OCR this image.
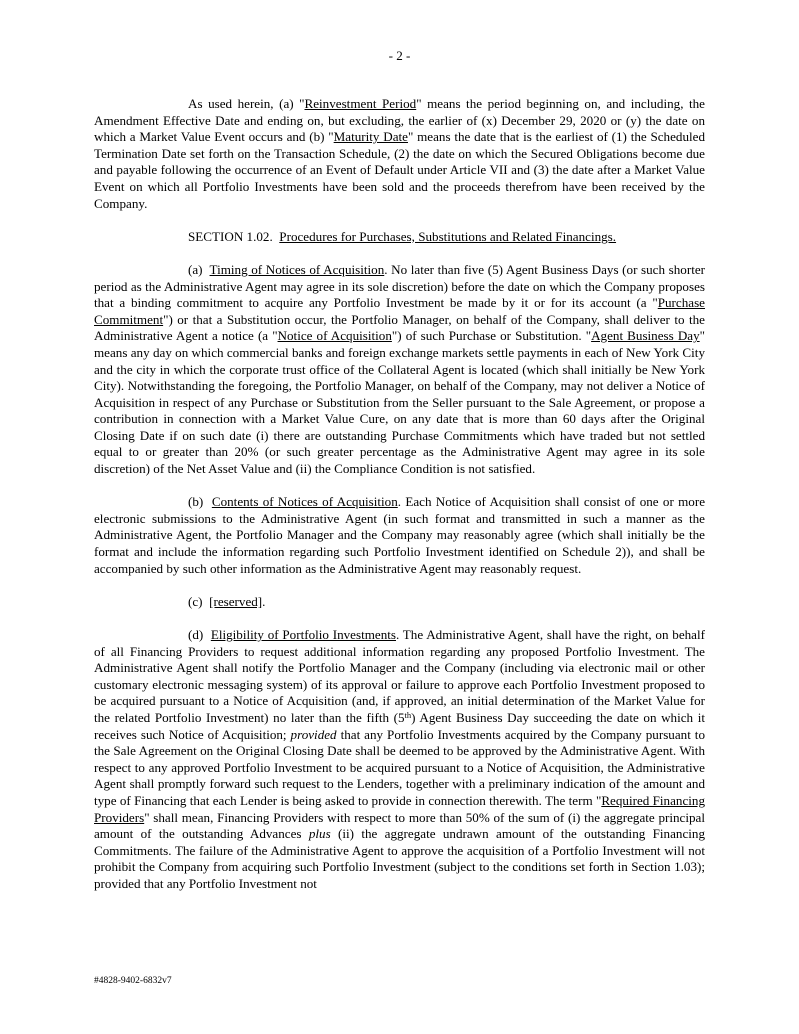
- 2 -

As used herein, (a) "Reinvestment Period" means the period beginning on, and including, the Amendment Effective Date and ending on, but excluding, the earlier of (x) December 29, 2020 or (y) the date on which a Market Value Event occurs and (b) "Maturity Date" means the date that is the earliest of (1) the Scheduled Termination Date set forth on the Transaction Schedule, (2) the date on which the Secured Obligations become due and payable following the occurrence of an Event of Default under Article VII and (3) the date after a Market Value Event on which all Portfolio Investments have been sold and the proceeds therefrom have been received by the Company.

SECTION 1.02. Procedures for Purchases, Substitutions and Related Financings.

(a) Timing of Notices of Acquisition. No later than five (5) Agent Business Days (or such shorter period as the Administrative Agent may agree in its sole discretion) before the date on which the Company proposes that a binding commitment to acquire any Portfolio Investment be made by it or for its account (a "Purchase Commitment") or that a Substitution occur, the Portfolio Manager, on behalf of the Company, shall deliver to the Administrative Agent a notice (a "Notice of Acquisition") of such Purchase or Substitution. "Agent Business Day" means any day on which commercial banks and foreign exchange markets settle payments in each of New York City and the city in which the corporate trust office of the Collateral Agent is located (which shall initially be New York City). Notwithstanding the foregoing, the Portfolio Manager, on behalf of the Company, may not deliver a Notice of Acquisition in respect of any Purchase or Substitution from the Seller pursuant to the Sale Agreement, or propose a contribution in connection with a Market Value Cure, on any date that is more than 60 days after the Original Closing Date if on such date (i) there are outstanding Purchase Commitments which have traded but not settled equal to or greater than 20% (or such greater percentage as the Administrative Agent may agree in its sole discretion) of the Net Asset Value and (ii) the Compliance Condition is not satisfied.

(b) Contents of Notices of Acquisition. Each Notice of Acquisition shall consist of one or more electronic submissions to the Administrative Agent (in such format and transmitted in such a manner as the Administrative Agent, the Portfolio Manager and the Company may reasonably agree (which shall initially be the format and include the information regarding such Portfolio Investment identified on Schedule 2)), and shall be accompanied by such other information as the Administrative Agent may reasonably request.

(c) [reserved].

(d) Eligibility of Portfolio Investments. The Administrative Agent, shall have the right, on behalf of all Financing Providers to request additional information regarding any proposed Portfolio Investment. The Administrative Agent shall notify the Portfolio Manager and the Company (including via electronic mail or other customary electronic messaging system) of its approval or failure to approve each Portfolio Investment proposed to be acquired pursuant to a Notice of Acquisition (and, if approved, an initial determination of the Market Value for the related Portfolio Investment) no later than the fifth (5th) Agent Business Day succeeding the date on which it receives such Notice of Acquisition; provided that any Portfolio Investments acquired by the Company pursuant to the Sale Agreement on the Original Closing Date shall be deemed to be approved by the Administrative Agent. With respect to any approved Portfolio Investment to be acquired pursuant to a Notice of Acquisition, the Administrative Agent shall promptly forward such request to the Lenders, together with a preliminary indication of the amount and type of Financing that each Lender is being asked to provide in connection therewith. The term "Required Financing Providers" shall mean, Financing Providers with respect to more than 50% of the sum of (i) the aggregate principal amount of the outstanding Advances plus (ii) the aggregate undrawn amount of the outstanding Financing Commitments. The failure of the Administrative Agent to approve the acquisition of a Portfolio Investment will not prohibit the Company from acquiring such Portfolio Investment (subject to the conditions set forth in Section 1.03); provided that any Portfolio Investment not

#4828-9402-6832v7
